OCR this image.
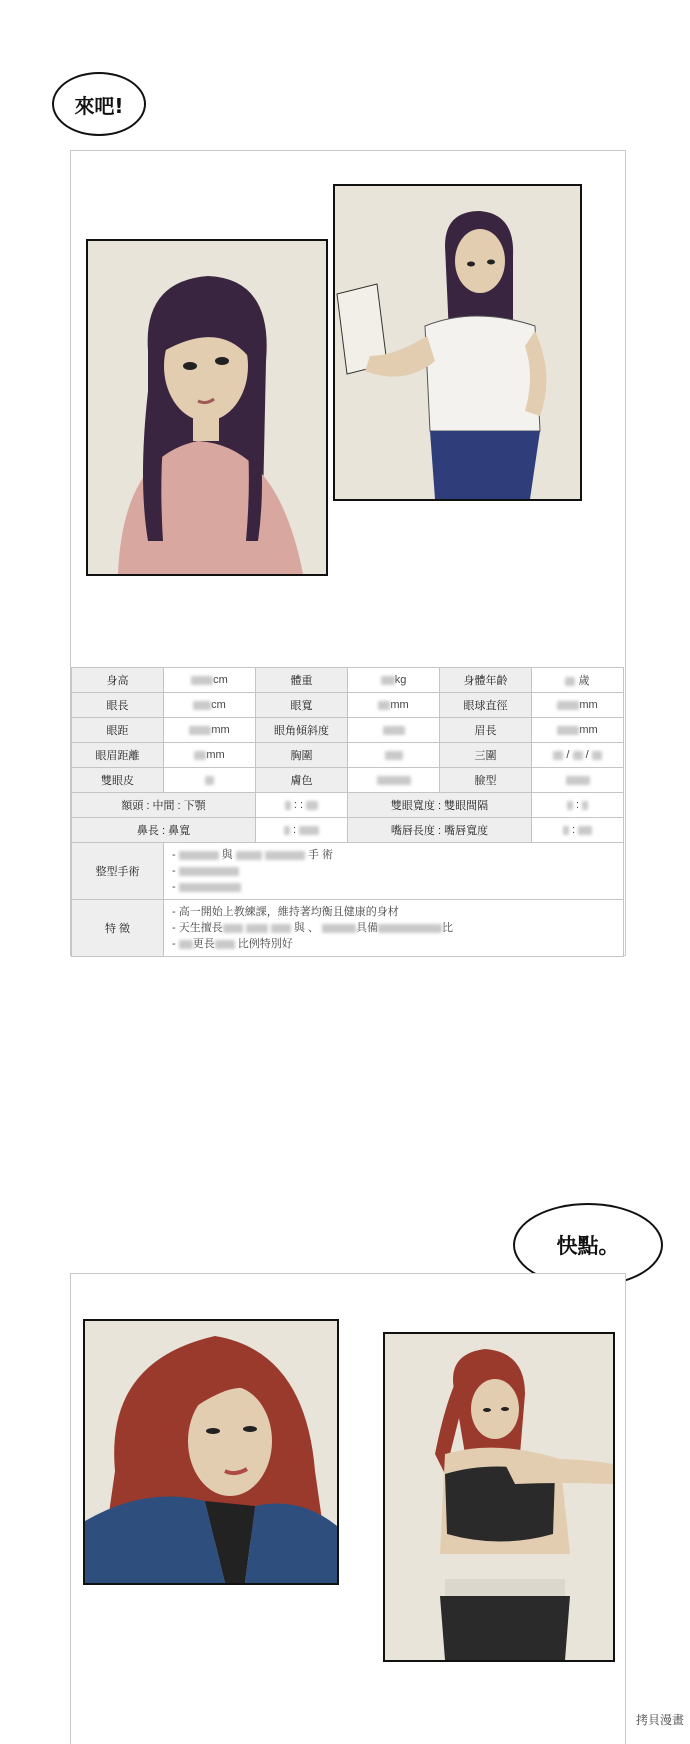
來吧!
身高	cm	體重	kg	身體年齡	歲
眼長	cm	眼寬	mm	眼球直徑	mm
眼距	mm	眼角傾斜度		眉長	mm
眼眉距離	mm	胸圍		三圍	/ /
雙眼皮		膚色		臉型	
額頭 : 中間 : 下顎		: :	雙眼寬度 : 雙眼間隔		:
鼻長 : 鼻寬		:	嘴唇長度 : 嘴唇寬度		:
整型手術	- 與 手 術
-
-				

特 徵	- 高一開始上教練課，維持著均衡且健康的身材
- 天生擅長 與 、 具備 比
- 更長 比例特別好				
快點。
拷貝漫畫
